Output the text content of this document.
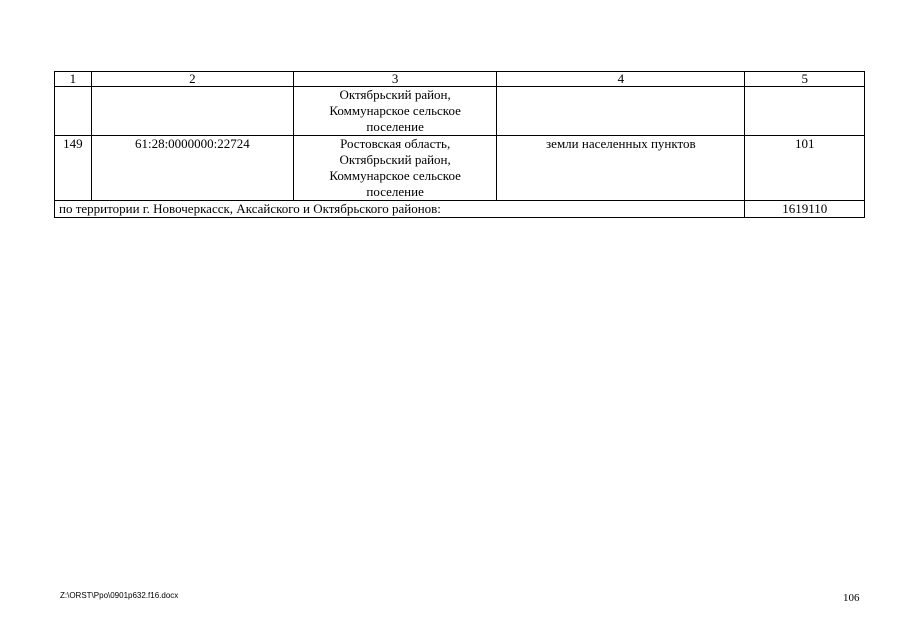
1	2	3	4	5

		Октябрьский район,
Коммунарское сельское
поселение		

149	61:28:0000000:22724	Ростовская область,
Октябрьский район,
Коммунарское сельское
поселение	земли населенных пунктов	101
по территории г. Новочеркасск, Аксайского и Октябрьского районов:				1619110
Z:\ORST\Ppo\0901p632.f16.docx	106
